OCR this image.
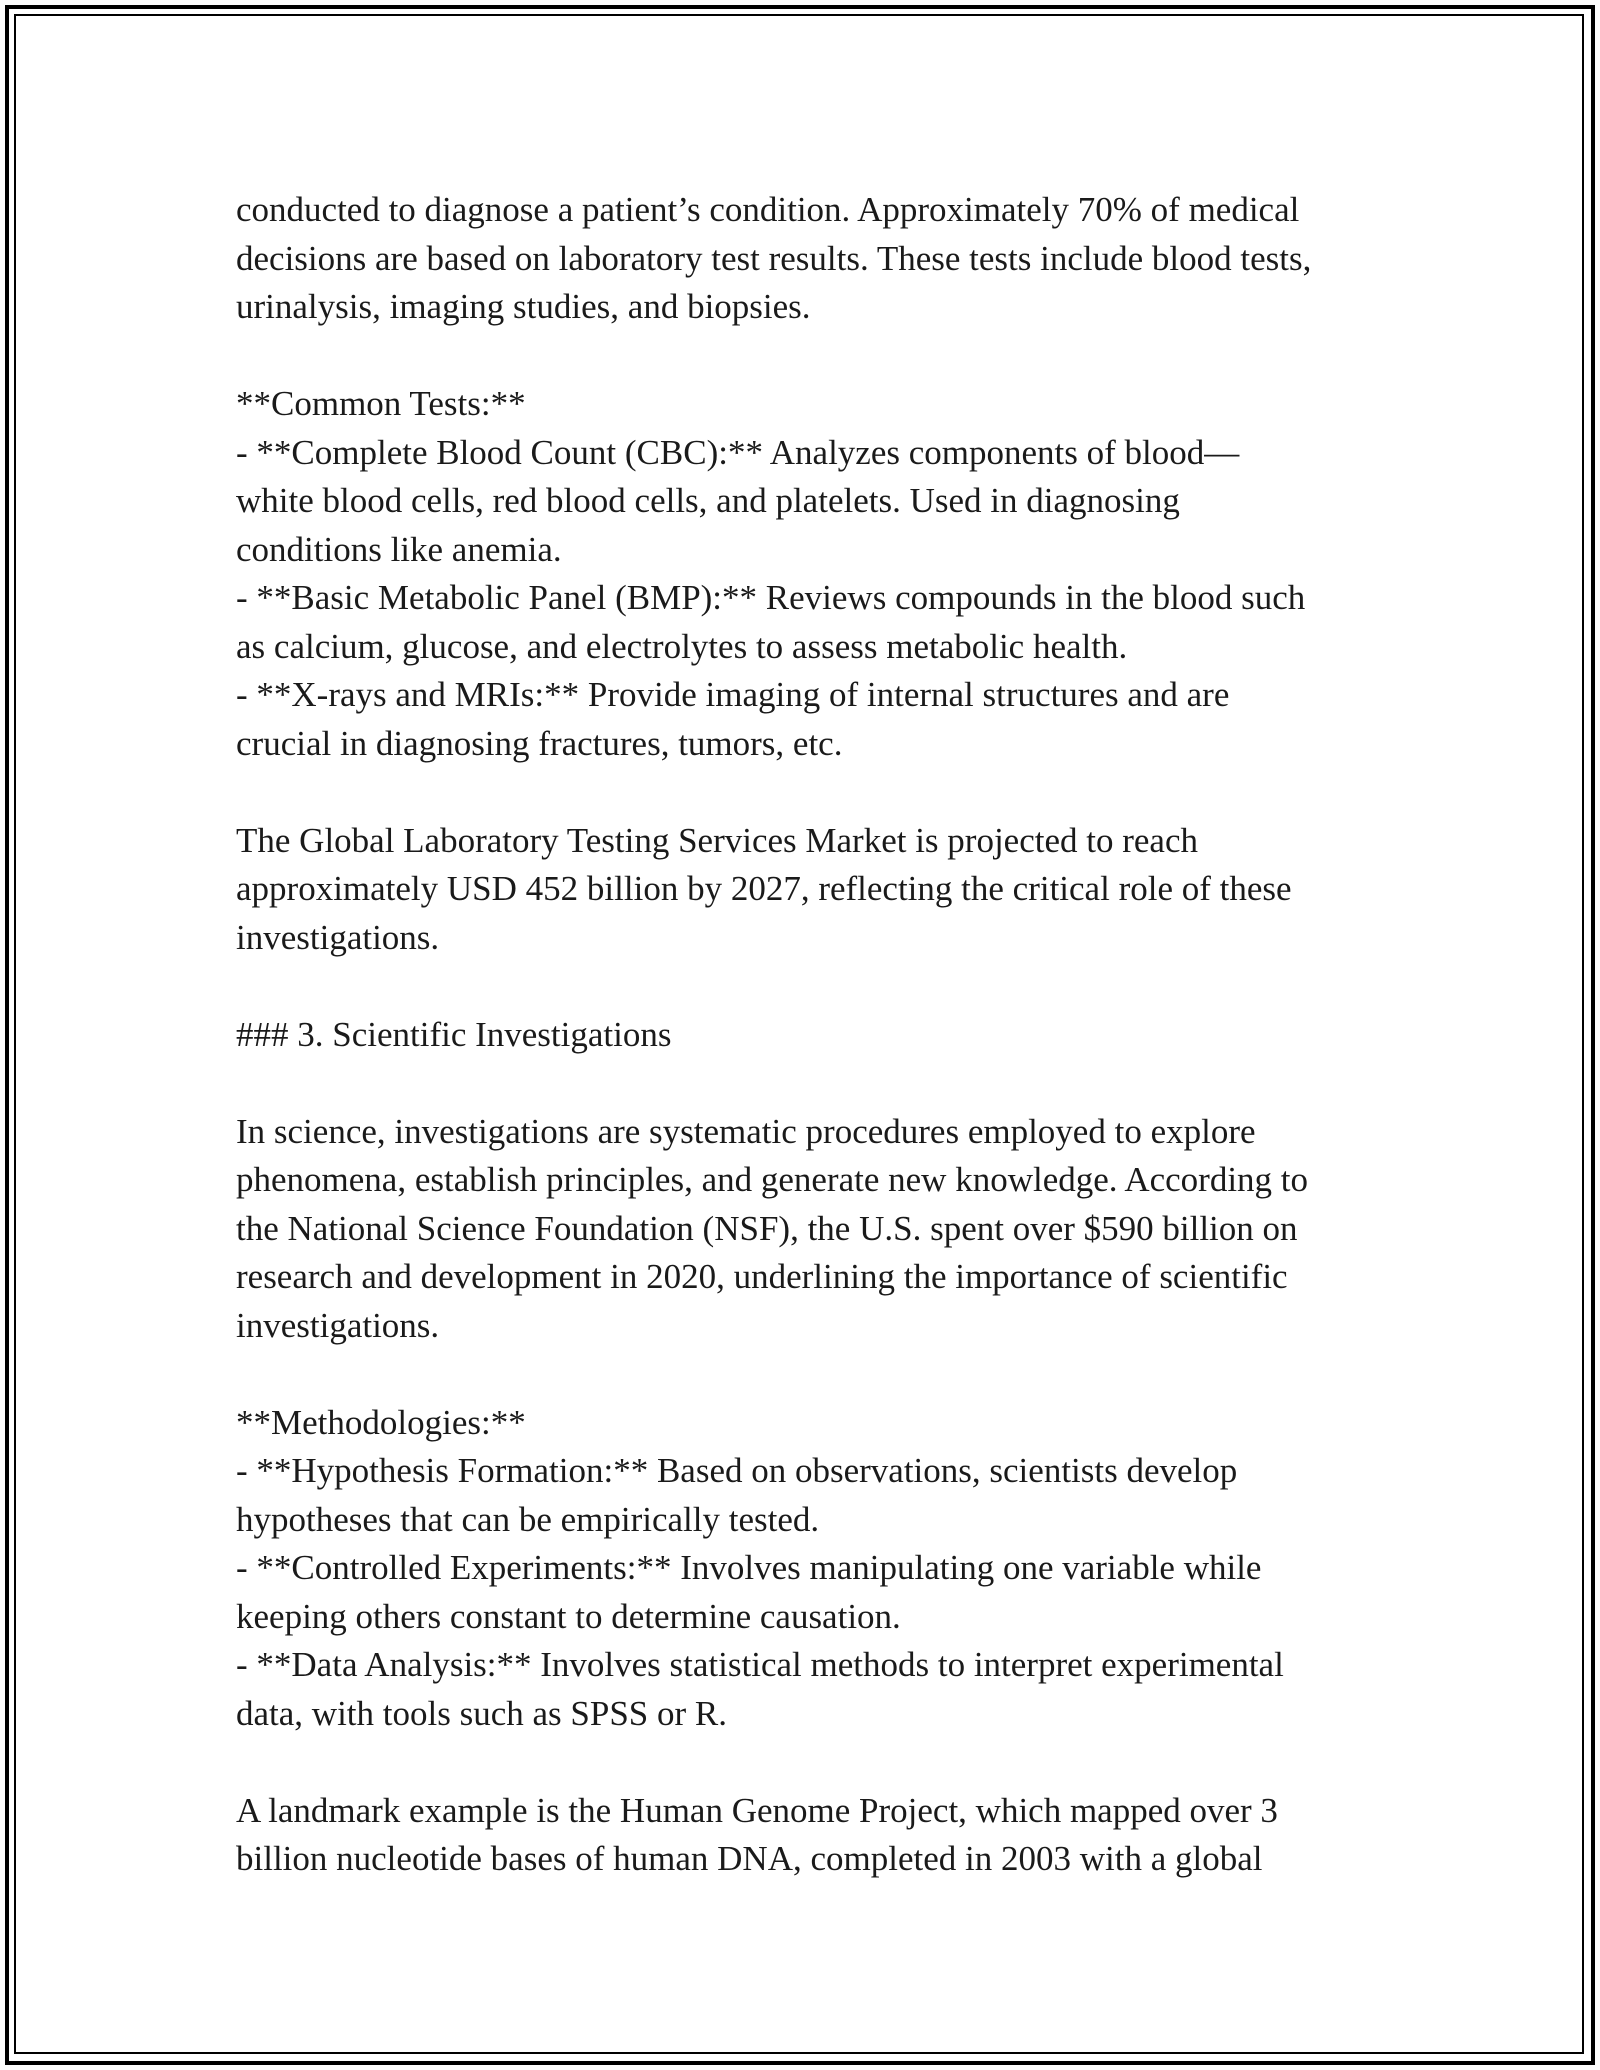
conducted to diagnose a patient’s condition. Approximately 70% of medical

decisions are based on laboratory test results. These tests include blood tests,

urinalysis, imaging studies, and biopsies.

**Common Tests:**

- **Complete Blood Count (CBC):** Analyzes components of blood—

white blood cells, red blood cells, and platelets. Used in diagnosing

conditions like anemia.

- **Basic Metabolic Panel (BMP):** Reviews compounds in the blood such

as calcium, glucose, and electrolytes to assess metabolic health.

- **X-rays and MRIs:** Provide imaging of internal structures and are

crucial in diagnosing fractures, tumors, etc.

The Global Laboratory Testing Services Market is projected to reach

approximately USD 452 billion by 2027, reflecting the critical role of these

investigations.

### 3. Scientific Investigations

In science, investigations are systematic procedures employed to explore

phenomena, establish principles, and generate new knowledge. According to

the National Science Foundation (NSF), the U.S. spent over $590 billion on

research and development in 2020, underlining the importance of scientific

investigations.

**Methodologies:**

- **Hypothesis Formation:** Based on observations, scientists develop

hypotheses that can be empirically tested.

- **Controlled Experiments:** Involves manipulating one variable while

keeping others constant to determine causation.

- **Data Analysis:** Involves statistical methods to interpret experimental

data, with tools such as SPSS or R.

A landmark example is the Human Genome Project, which mapped over 3

billion nucleotide bases of human DNA, completed in 2003 with a global
